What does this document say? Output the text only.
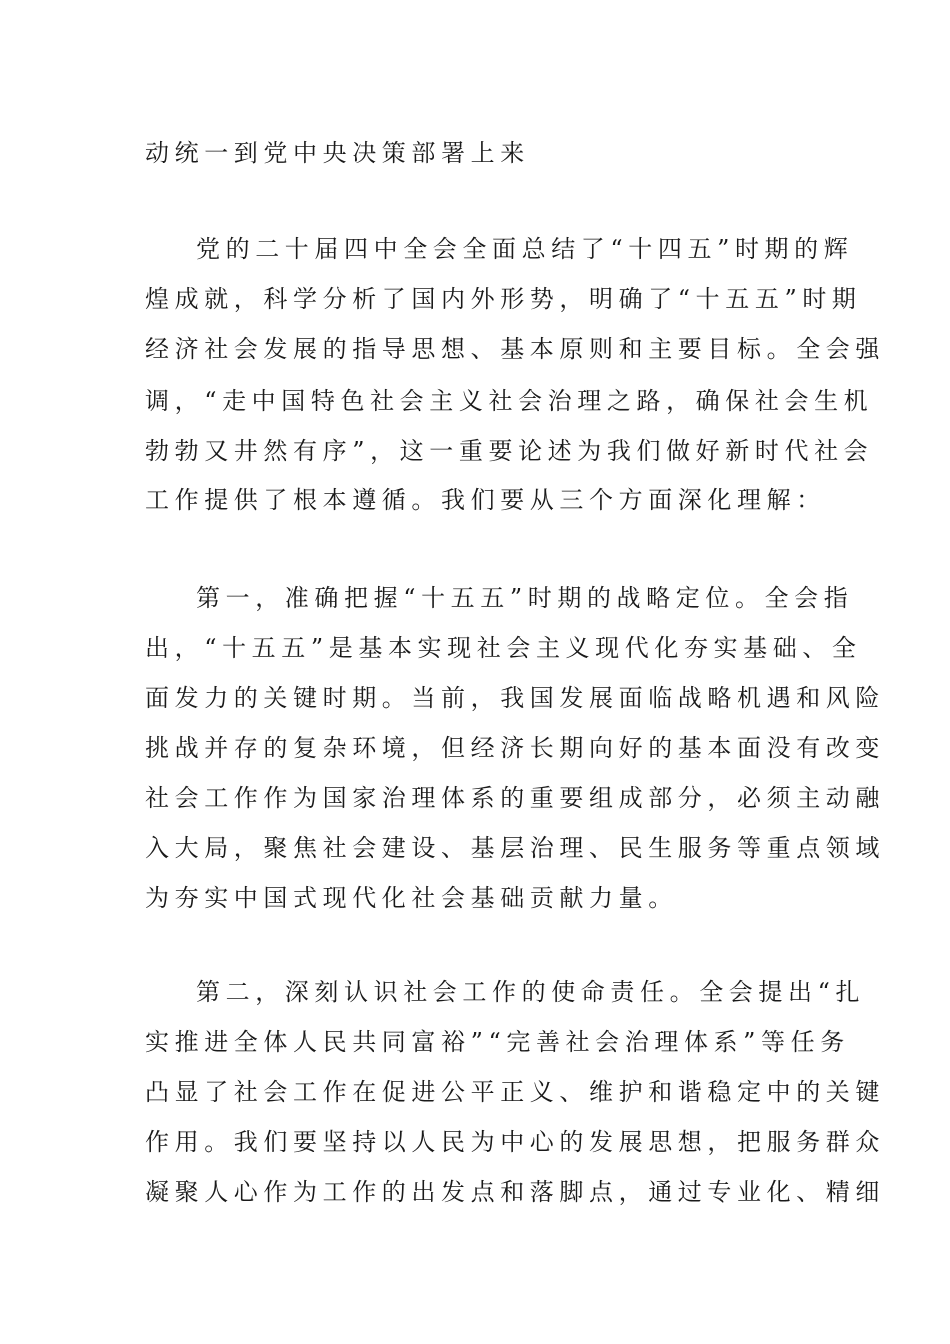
动统一到党中央决策部署上来
党的二十届四中全会全面总结了“十四五”时期的辉
煌成就，科学分析了国内外形势，明确了“十五五”时期
经济社会发展的指导思想、基本原则和主要目标。全会强
调，“走中国特色社会主义社会治理之路，确保社会生机
勃勃又井然有序”，这一重要论述为我们做好新时代社会
工作提供了根本遵循。我们要从三个方面深化理解：
第一，准确把握“十五五”时期的战略定位。全会指
出，“十五五”是基本实现社会主义现代化夯实基础、全
面发力的关键时期。当前，我国发展面临战略机遇和风险
挑战并存的复杂环境，但经济长期向好的基本面没有改变
社会工作作为国家治理体系的重要组成部分，必须主动融
入大局，聚焦社会建设、基层治理、民生服务等重点领域
为夯实中国式现代化社会基础贡献力量。
第二，深刻认识社会工作的使命责任。全会提出“扎
实推进全体人民共同富裕”“完善社会治理体系”等任务
凸显了社会工作在促进公平正义、维护和谐稳定中的关键
作用。我们要坚持以人民为中心的发展思想，把服务群众
凝聚人心作为工作的出发点和落脚点，通过专业化、精细
